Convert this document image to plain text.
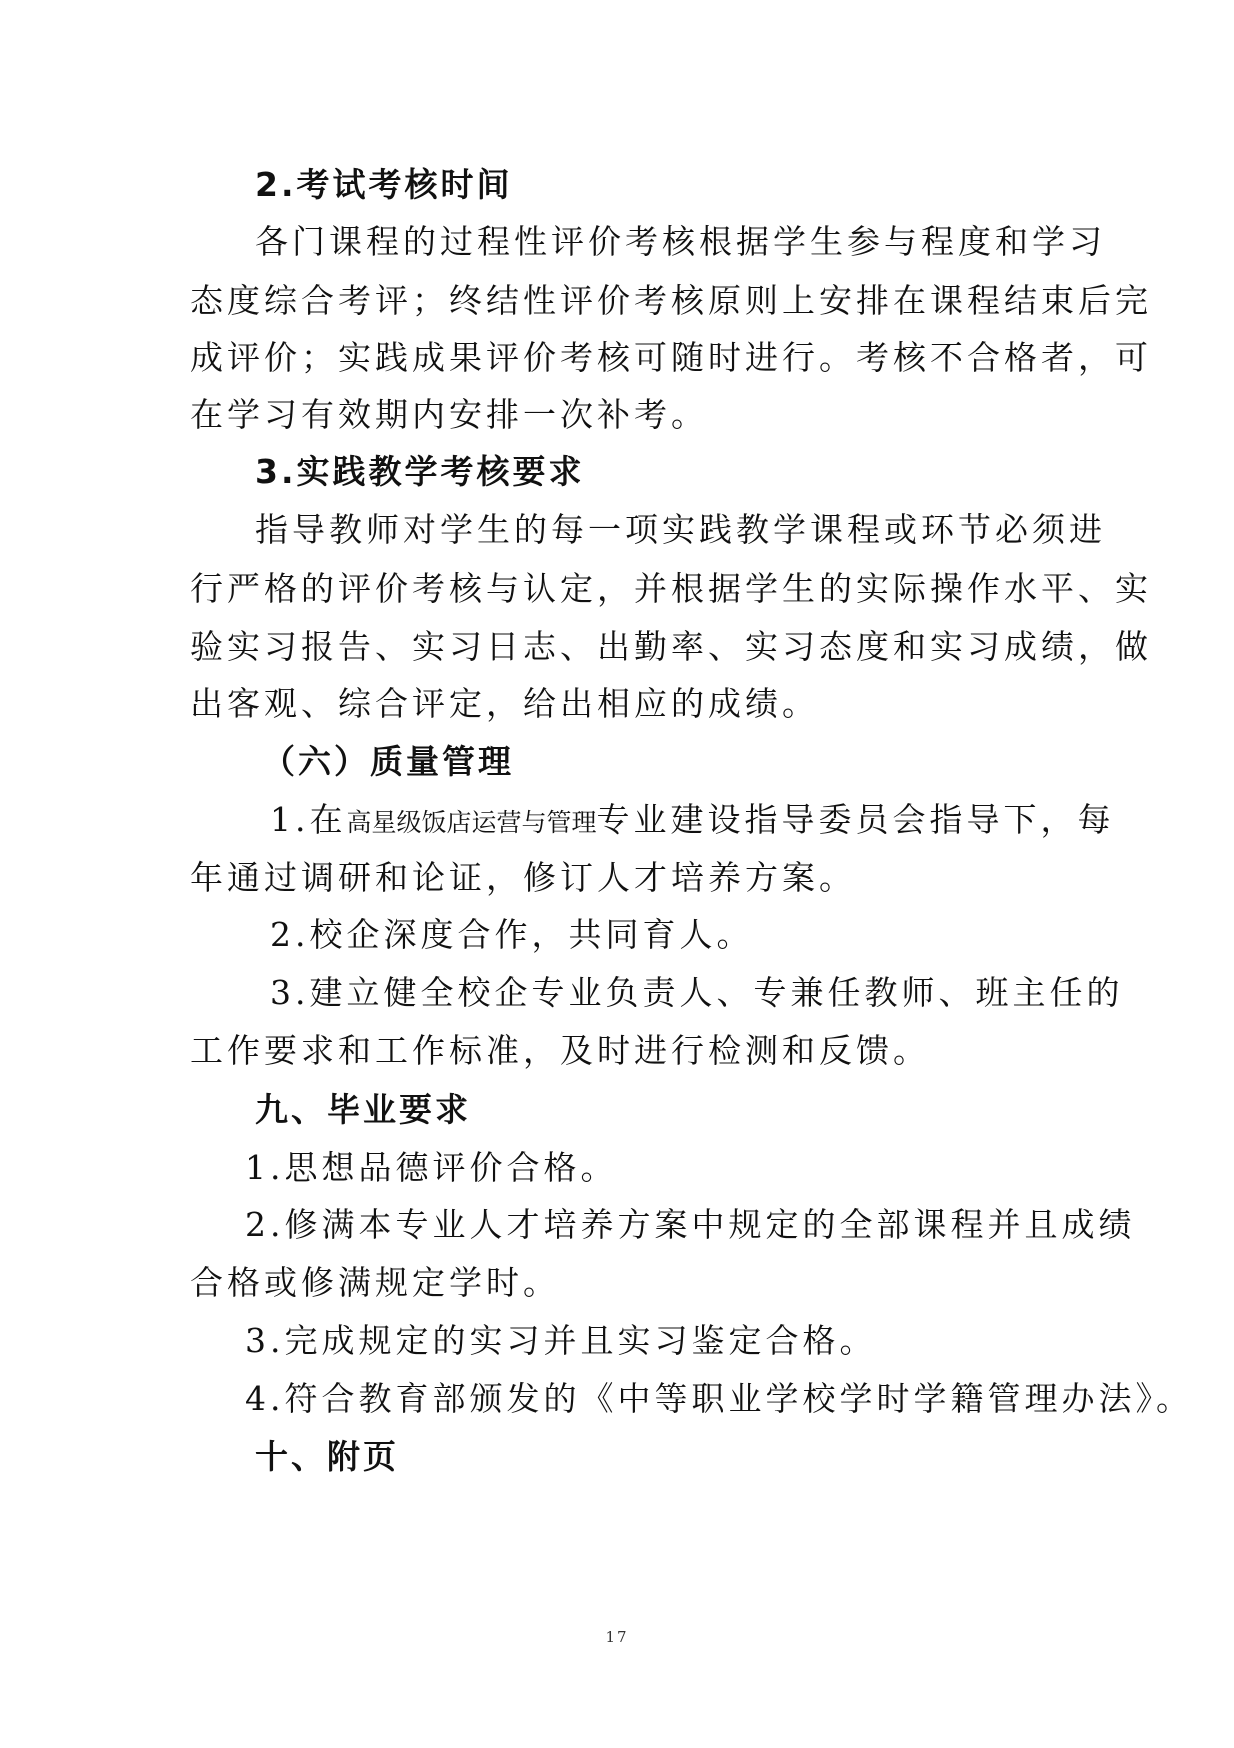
2.考试考核时间
各门课程的过程性评价考核根据学生参与程度和学习
态度综合考评；终结性评价考核原则上安排在课程结束后完
成评价；实践成果评价考核可随时进行。考核不合格者，可
在学习有效期内安排一次补考。
3.实践教学考核要求
指导教师对学生的每一项实践教学课程或环节必须进
行严格的评价考核与认定，并根据学生的实际操作水平、实
验实习报告、实习日志、出勤率、实习态度和实习成绩，做
出客观、综合评定，给出相应的成绩。
（六）质量管理
1.在高星级饭店运营与管理专业建设指导委员会指导下，每
年通过调研和论证，修订人才培养方案。
2.校企深度合作，共同育人。
3.建立健全校企专业负责人、专兼任教师、班主任的
工作要求和工作标准，及时进行检测和反馈。
九、毕业要求
1.思想品德评价合格。
2.修满本专业人才培养方案中规定的全部课程并且成绩
合格或修满规定学时。
3.完成规定的实习并且实习鉴定合格。
4.符合教育部颁发的《中等职业学校学时学籍管理办法》。
十、附页
17
